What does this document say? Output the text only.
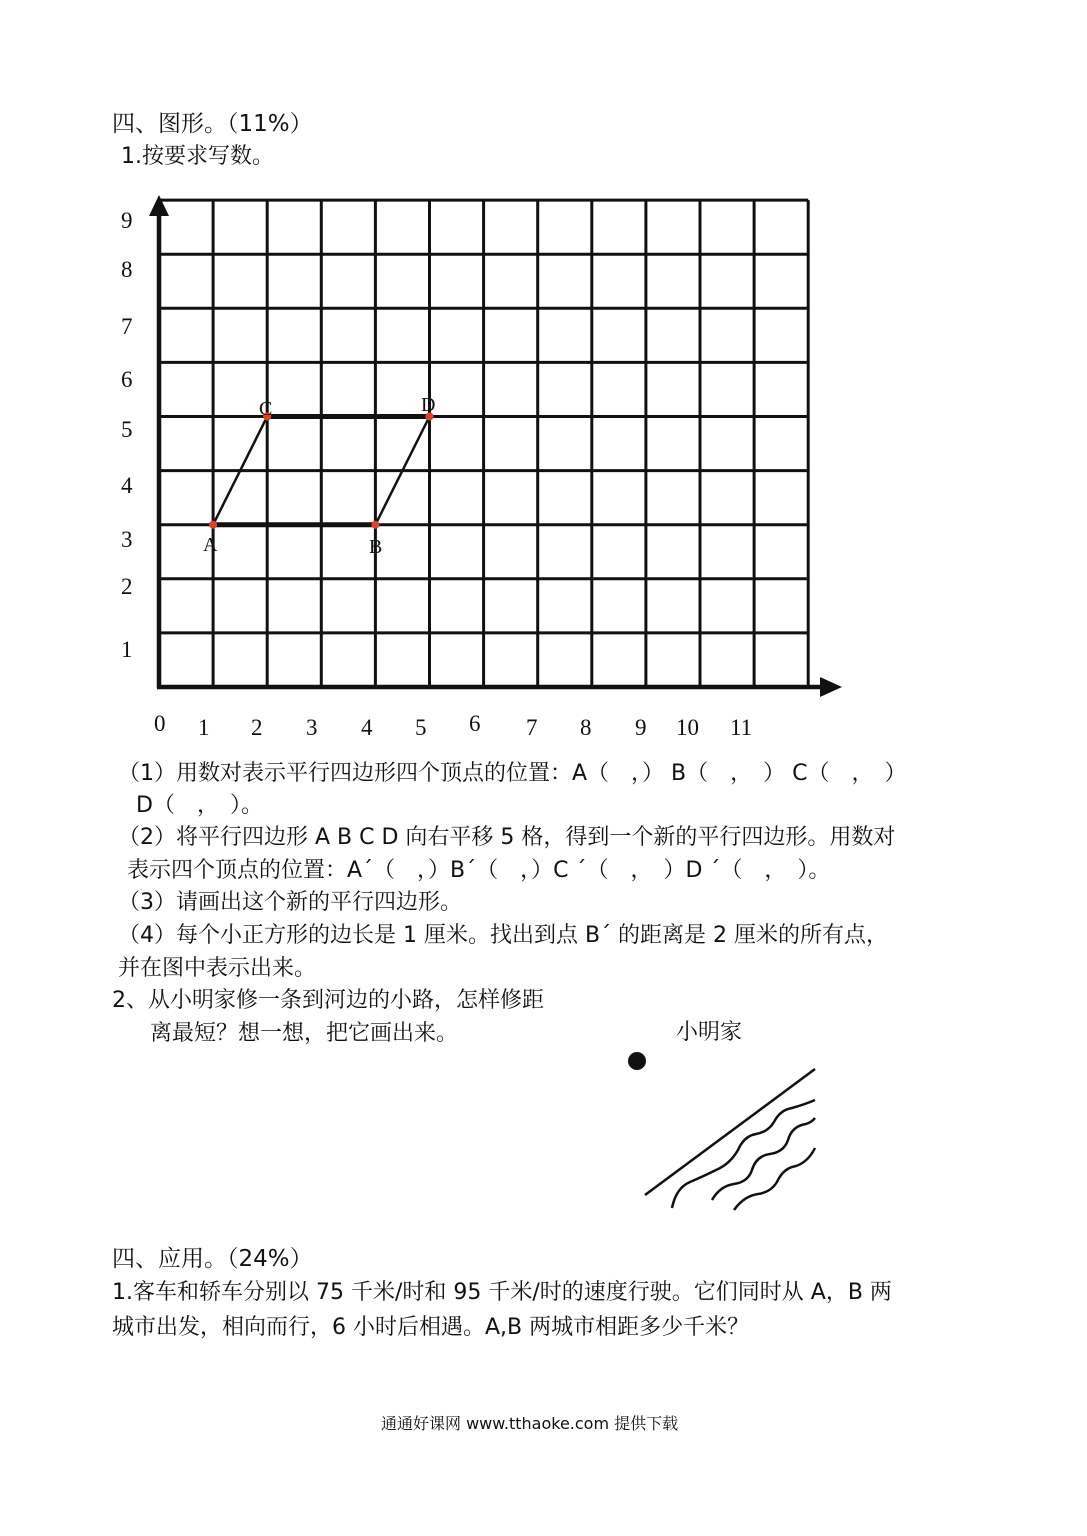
四、图形。（11%）
1.按要求写数。
1
2
3
4
5
6
7
8
9
0 1 2 3 4 5 6 7 8 9 10 11
A	B
C	D
（1）用数对表示平行四边形四个顶点的位置：A（　，） B（　，　） C（　，　）
D（　，　）。
（2）将平行四边形 A B C D 向右平移 5 格，得到一个新的平行四边形。用数对
表示四个顶点的位置：A´（　，）B´（　，）C ´（　，　）D ´（　，　）。
（3）请画出这个新的平行四边形。
（4）每个小正方形的边长是 1 厘米。找出到点 B´ 的距离是 2 厘米的所有点，
并在图中表示出来。
2、从小明家修一条到河边的小路，怎样修距
离最短？想一想，把它画出来。	小明家
四、应用。（24%）
1.客车和轿车分别以 75 千米/时和 95 千米/时的速度行驶。它们同时从 A，B 两
城市出发，相向而行，6 小时后相遇。A,B 两城市相距多少千米？
通通好课网 www.tthaoke.com 提供下载
